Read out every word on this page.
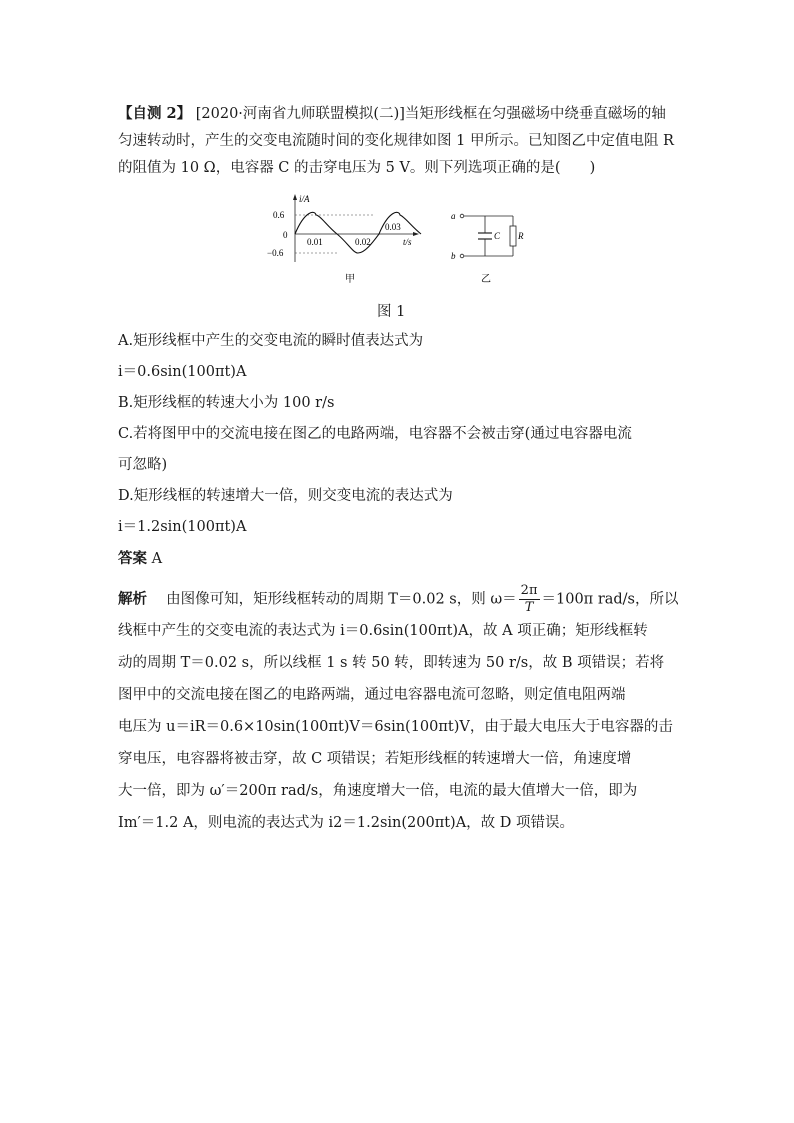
【自测 2】 [2020·河南省九师联盟模拟(二)]当矩形线框在匀强磁场中绕垂直磁场的轴匀速转动时，产生的交变电流随时间的变化规律如图 1 甲所示。已知图乙中定值电阻 R 的阻值为 10 Ω，电容器 C 的击穿电压为 5 V。则下列选项正确的是(　　)
i/A
0.6
0
−0.6
0.01	0.02
0.03
t/s
甲
a
b
C R
乙
图 1
A.矩形线框中产生的交变电流的瞬时值表达式为
i＝0.6sin(100πt)A
B.矩形线框的转速大小为 100 r/s
C.若将图甲中的交流电接在图乙的电路两端，电容器不会被击穿(通过电容器电流
可忽略)
D.矩形线框的转速增大一倍，则交变电流的表达式为
i＝1.2sin(100πt)A
答案 A
解析 　由图像可知，矩形线框转动的周期 T＝0.02 s，则 $\omega= \frac{2\pi}{T} =100\pi$ rad/s，所以
线框中产生的交变电流的表达式为 i＝0.6sin(100πt)A，故 A 项正确；矩形线框转
动的周期 T＝0.02 s，所以线框 1 s 转 50 转，即转速为 50 r/s，故 B 项错误；若将
图甲中的交流电接在图乙的电路两端，通过电容器电流可忽略，则定值电阻两端
电压为 u＝iR＝0.6×10sin(100πt)V＝6sin(100πt)V，由于最大电压大于电容器的击
穿电压，电容器将被击穿，故 C 项错误；若矩形线框的转速增大一倍，角速度增
大一倍，即为 ω′＝200π rad/s，角速度增大一倍，电流的最大值增大一倍，即为
Im′＝1.2 A，则电流的表达式为 i2＝1.2sin(200πt)A，故 D 项错误。
